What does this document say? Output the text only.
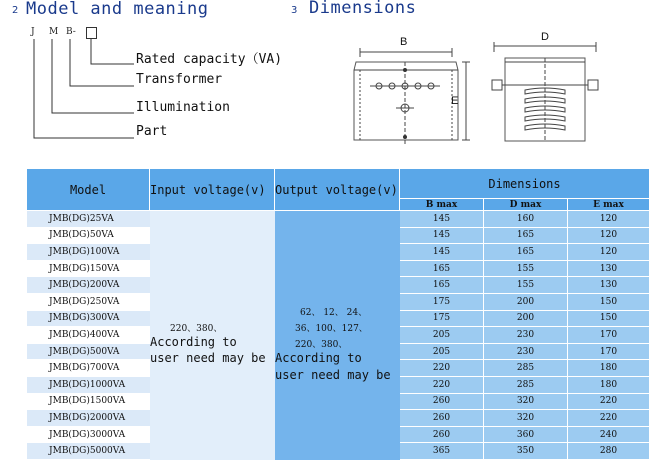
2 Model and meaning	3 Dimensions
J M B-
Rated capacity（VA)
Transformer
Illumination
Part
B	D
E
Model	Input voltage(v) Output voltage(v)	Dimensions
B max	D max	E max
220、380、
According to
user need may be
62、 12、 24、
36、100、127、
220、380、
According to
user need may be
JMB(DG)25VA	145	160	120
JMB(DG)50VA	145	165	120
JMB(DG)100VA	145	165	120
JMB(DG)150VA	165	155	130
JMB(DG)200VA	165	155	130
JMB(DG)250VA	175	200	150
JMB(DG)300VA	175	200	150
JMB(DG)400VA	205	230	170
JMB(DG)500VA	205	230	170
JMB(DG)700VA	220	285	180
JMB(DG)1000VA	220	285	180
JMB(DG)1500VA	260	320	220
JMB(DG)2000VA	260	320	220
JMB(DG)3000VA	260	360	240
JMB(DG)5000VA	365	350	280
